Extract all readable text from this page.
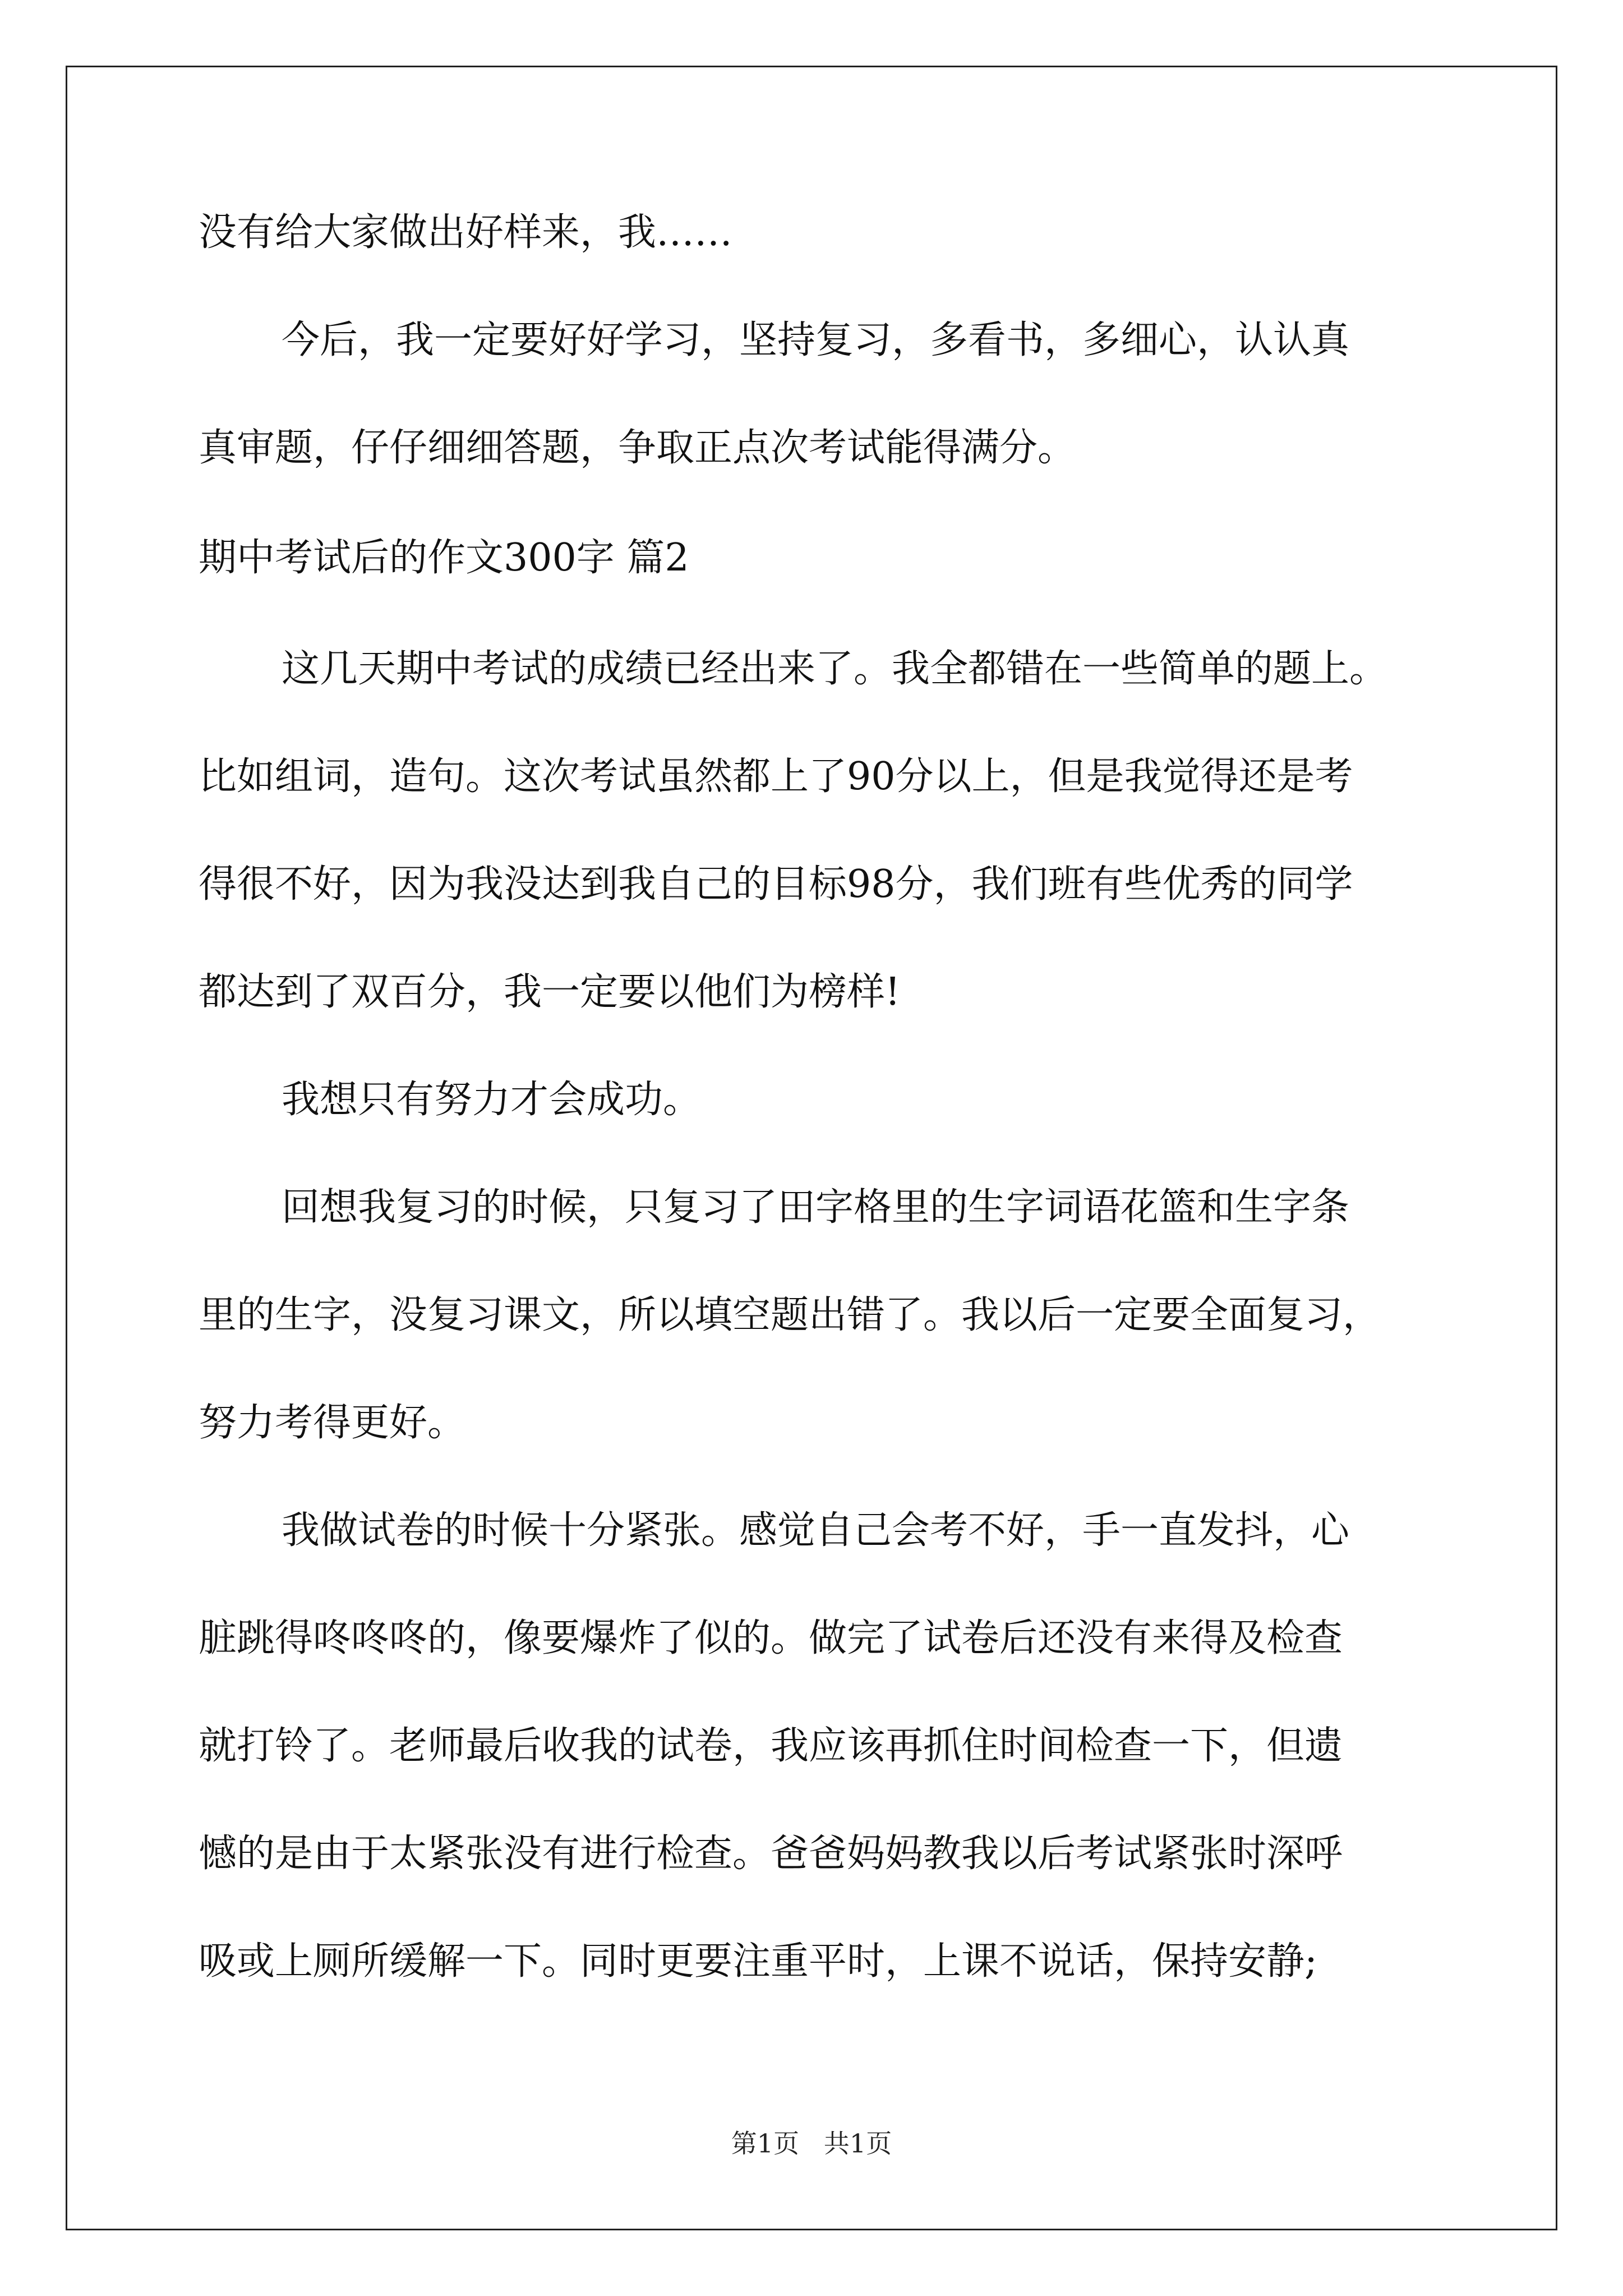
没有给大家做出好样来，我……
今后，我一定要好好学习，坚持复习，多看书，多细心，认认真
真审题，仔仔细细答题，争取正点次考试能得满分。
期中考试后的作文300字 篇2
这几天期中考试的成绩已经出来了。我全都错在一些简单的题上。
比如组词，造句。这次考试虽然都上了90分以上，但是我觉得还是考
得很不好，因为我没达到我自己的目标98分，我们班有些优秀的同学
都达到了双百分，我一定要以他们为榜样!
我想只有努力才会成功。
回想我复习的时候，只复习了田字格里的生字词语花篮和生字条
里的生字，没复习课文，所以填空题出错了。我以后一定要全面复习，
努力考得更好。
我做试卷的时候十分紧张。感觉自己会考不好，手一直发抖，心
脏跳得咚咚咚的，像要爆炸了似的。做完了试卷后还没有来得及检查
就打铃了。老师最后收我的试卷，我应该再抓住时间检查一下，但遗
憾的是由于太紧张没有进行检查。爸爸妈妈教我以后考试紧张时深呼
吸或上厕所缓解一下。同时更要注重平时，上课不说话，保持安静;
第1页   共1页
